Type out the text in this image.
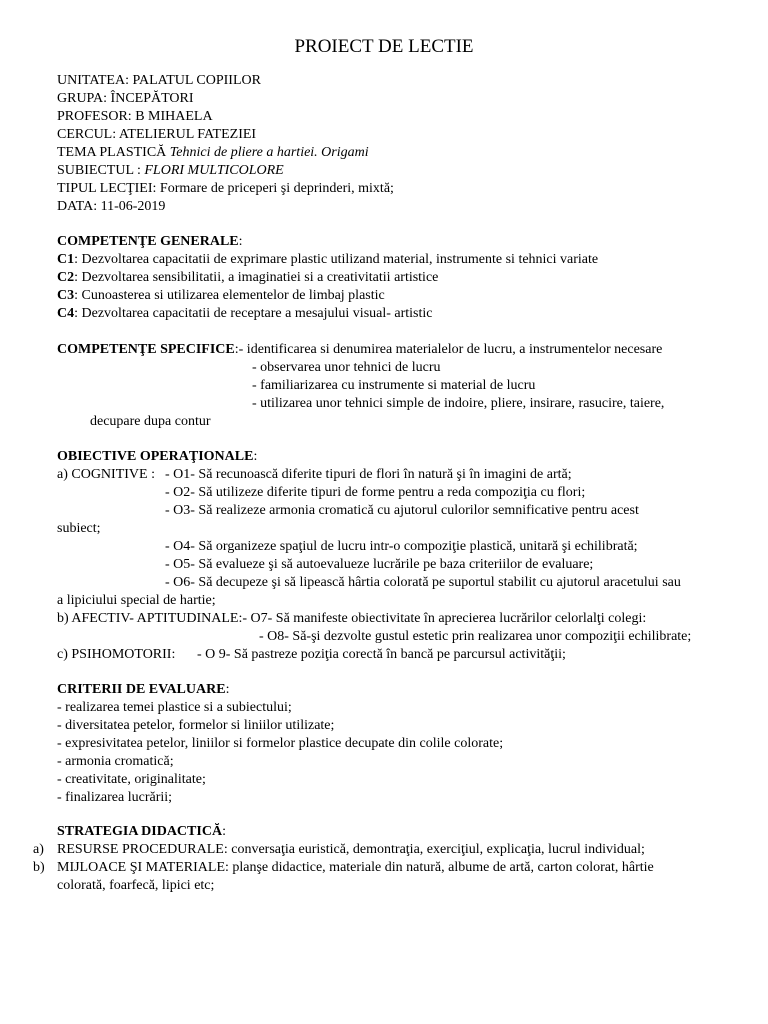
PROIECT DE LECTIE
UNITATEA: PALATUL COPIILOR
GRUPA: ÎNCEPĂTORI
PROFESOR: B MIHAELA
CERCUL: ATELIERUL FATEZIEI
TEMA PLASTICĂ Tehnici de pliere a hartiei. Origami
SUBIECTUL : FLORI MULTICOLORE
TIPUL LECŢIEI: Formare de priceperi şi deprinderi, mixtă;
DATA: 11-06-2019
COMPETENŢE GENERALE:
C1: Dezvoltarea capacitatii de exprimare plastic utilizand material, instrumente si tehnici variate
C2: Dezvoltarea sensibilitatii, a imaginatiei si a creativitatii artistice
C3: Cunoasterea si utilizarea elementelor de limbaj plastic
C4: Dezvoltarea capacitatii de receptare a mesajului visual- artistic
COMPETENŢE SPECIFICE:- identificarea si denumirea materialelor de lucru, a instrumentelor necesare
- observarea unor tehnici de lucru
- familiarizarea cu instrumente si material de lucru
- utilizarea unor tehnici simple de indoire, pliere, insirare, rasucire, taiere,
decupare dupa contur
OBIECTIVE OPERAŢIONALE:
a) COGNITIVE : - O1- Să recunoască diferite tipuri de flori în natură şi în imagini de artă;
- O2- Să utilizeze diferite tipuri de forme pentru a reda compoziţia cu flori;
- O3- Să realizeze armonia cromatică cu ajutorul culorilor semnificative pentru acest
subiect;
- O4- Să organizeze spaţiul de lucru intr-o compoziţie plastică, unitară şi echilibrată;
- O5- Să evalueze şi să autoevalueze lucrările pe baza criteriilor de evaluare;
- O6- Să decupeze şi să lipească hârtia colorată pe suportul stabilit cu ajutorul aracetului sau
a lipiciului special de hartie;
b) AFECTIV- APTITUDINALE:- O7- Să manifeste obiectivitate în aprecierea lucrărilor celorlalţi colegi:
- O8- Să-şi dezvolte gustul estetic prin realizarea unor compoziţii echilibrate;
c) PSIHOMOTORII: - O 9- Să pastreze poziţia corectă în bancă pe parcursul activităţii;
CRITERII DE EVALUARE:
- realizarea temei plastice si a subiectului;
- diversitatea petelor, formelor si liniilor utilizate;
- expresivitatea petelor, liniilor si formelor plastice decupate din colile colorate;
- armonia cromatică;
- creativitate, originalitate;
- finalizarea lucrării;
STRATEGIA DIDACTICĂ:
a) RESURSE PROCEDURALE: conversaţia euristică, demontraţia, exerciţiul, explicaţia, lucrul individual;
b) MIJLOACE ŞI MATERIALE: planşe didactice, materiale din natură, albume de artă, carton colorat, hârtie
colorată, foarfecă, lipici etc;
